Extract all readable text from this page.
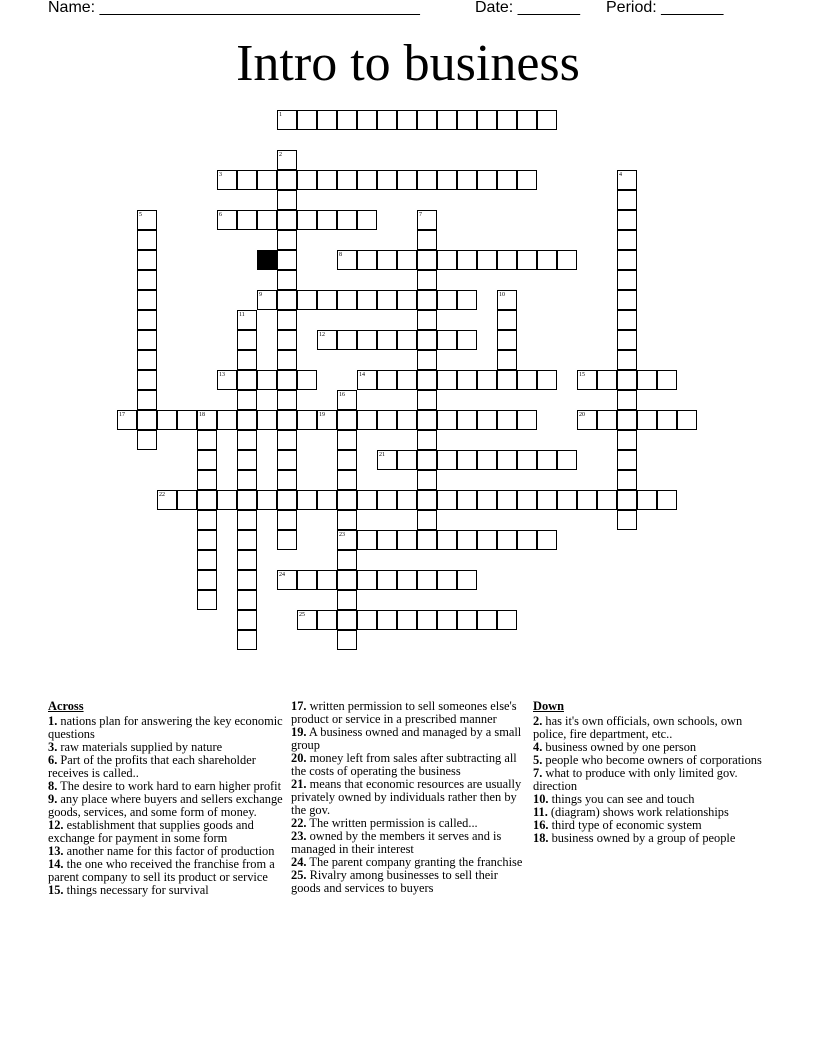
Name: ____________________________________	Date: _______ Period: _______
Intro to business
1
2
3	4
5	6	7
8
9	10
11
12
13	14	15
16
17	18	19	20
21
22
23
24
25
Across
1. nations plan for answering the key economic questions
3. raw materials supplied by nature
6. Part of the profits that each shareholder receives is called..
8. The desire to work hard to earn higher profit
9. any place where buyers and sellers exchange goods, services, and some form of money.
12. establishment that supplies goods and exchange for payment in some form
13. another name for this factor of production
14. the one who received the franchise from a parent company to sell its product or service
15. things necessary for survival
17. written permission to sell someones else's product or service in a prescribed manner
19. A business owned and managed by a small group
20. money left from sales after subtracting all the costs of operating the business
21. means that economic resources are usually privately owned by individuals rather then by the gov.
22. The written permission is called...
23. owned by the members it serves and is managed in their interest
24. The parent company granting the franchise
25. Rivalry among businesses to sell their goods and services to buyers
Down
2. has it's own officials, own schools, own police, fire department, etc..
4. business owned by one person
5. people who become owners of corporations
7. what to produce with only limited gov. direction
10. things you can see and touch
11. (diagram) shows work relationships
16. third type of economic system
18. business owned by a group of people
